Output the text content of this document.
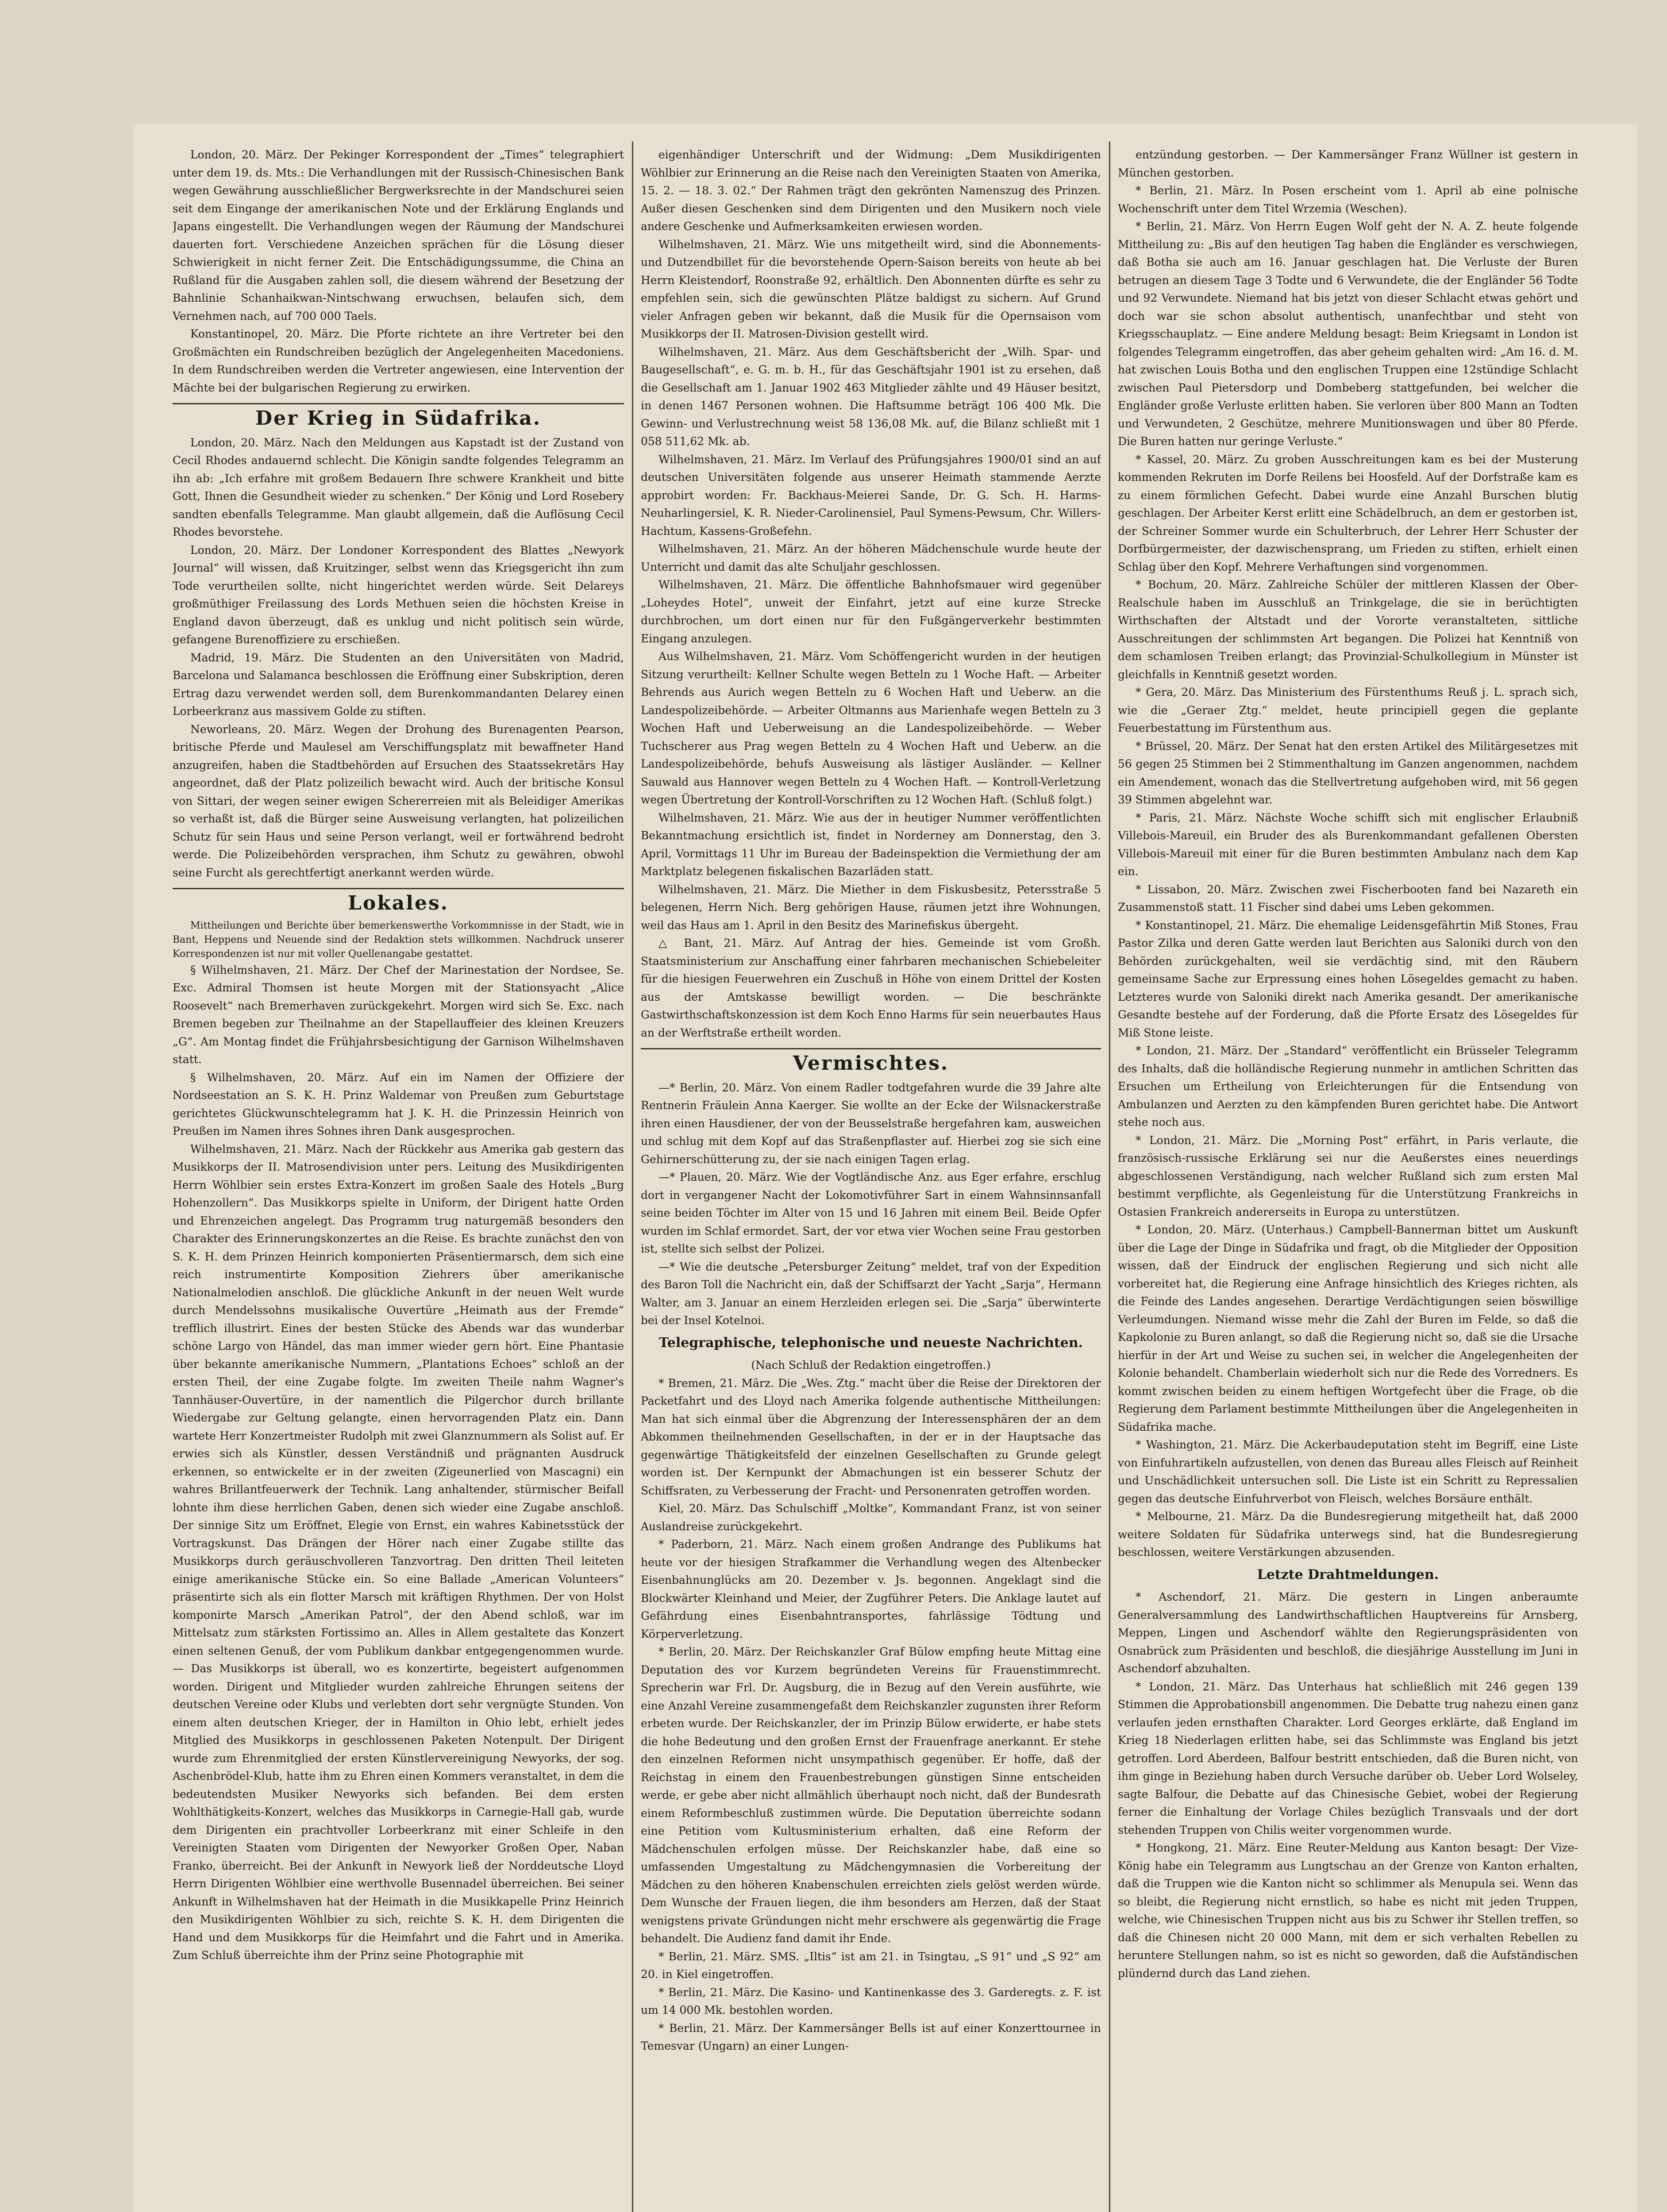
London, 20. März. Der Pekinger Korrespondent der „Times“ telegraphiert unter dem 19. ds. Mts.: Die Verhandlungen mit der Russisch-Chinesischen Bank wegen Gewährung ausschließlicher Bergwerksrechte in der Mandschurei seien seit dem Eingange der amerikanischen Note und der Erklärung Englands und Japans eingestellt. Die Verhandlungen wegen der Räumung der Mandschurei dauerten fort. Verschiedene Anzeichen sprächen für die Lösung dieser Schwierigkeit in nicht ferner Zeit. Die Entschädigungssumme, die China an Rußland für die Ausgaben zahlen soll, die diesem während der Besetzung der Bahnlinie Schanhaikwan-Nintschwang erwuchsen, belaufen sich, dem Vernehmen nach, auf 700 000 Taels.

Konstantinopel, 20. März. Die Pforte richtete an ihre Vertreter bei den Großmächten ein Rundschreiben bezüglich der Angelegenheiten Macedoniens. In dem Rundschreiben werden die Vertreter angewiesen, eine Intervention der Mächte bei der bulgarischen Regierung zu erwirken.

Der Krieg in Südafrika.

London, 20. März. Nach den Meldungen aus Kapstadt ist der Zustand von Cecil Rhodes andauernd schlecht. Die Königin sandte folgendes Telegramm an ihn ab: „Ich erfahre mit großem Bedauern Ihre schwere Krankheit und bitte Gott, Ihnen die Gesundheit wieder zu schenken.“ Der König und Lord Rosebery sandten ebenfalls Telegramme. Man glaubt allgemein, daß die Auflösung Cecil Rhodes bevorstehe.

London, 20. März. Der Londoner Korrespondent des Blattes „Newyork Journal“ will wissen, daß Kruitzinger, selbst wenn das Kriegsgericht ihn zum Tode verurtheilen sollte, nicht hingerichtet werden würde. Seit Delareys großmüthiger Freilassung des Lords Methuen seien die höchsten Kreise in England davon überzeugt, daß es unklug und nicht politisch sein würde, gefangene Burenoffiziere zu erschießen.

Madrid, 19. März. Die Studenten an den Universitäten von Madrid, Barcelona und Salamanca beschlossen die Eröffnung einer Subskription, deren Ertrag dazu verwendet werden soll, dem Burenkommandanten Delarey einen Lorbeerkranz aus massivem Golde zu stiften.

Neworleans, 20. März. Wegen der Drohung des Burenagenten Pearson, britische Pferde und Maulesel am Verschiffungsplatz mit bewaffneter Hand anzugreifen, haben die Stadtbehörden auf Ersuchen des Staatssekretärs Hay angeordnet, daß der Platz polizeilich bewacht wird. Auch der britische Konsul von Sittari, der wegen seiner ewigen Schererreien mit als Beleidiger Amerikas so verhaßt ist, daß die Bürger seine Ausweisung verlangten, hat polizeilichen Schutz für sein Haus und seine Person verlangt, weil er fortwährend bedroht werde. Die Polizeibehörden versprachen, ihm Schutz zu gewähren, obwohl seine Furcht als gerechtfertigt anerkannt werden würde.

Lokales.

Mittheilungen und Berichte über bemerkenswerthe Vorkommnisse in der Stadt, wie in Bant, Heppens und Neuende sind der Redaktion stets willkommen. Nachdruck unserer Korrespondenzen ist nur mit voller Quellenangabe gestattet.

§ Wilhelmshaven, 21. März. Der Chef der Marinestation der Nordsee, Se. Exc. Admiral Thomsen ist heute Morgen mit der Stationsyacht „Alice Roosevelt“ nach Bremerhaven zurückgekehrt. Morgen wird sich Se. Exc. nach Bremen begeben zur Theilnahme an der Stapellauffeier des kleinen Kreuzers „G“. Am Montag findet die Frühjahrsbesichtigung der Garnison Wilhelmshaven statt.

§ Wilhelmshaven, 20. März. Auf ein im Namen der Offiziere der Nordseestation an S. K. H. Prinz Waldemar von Preußen zum Geburtstage gerichtetes Glückwunschtelegramm hat J. K. H. die Prinzessin Heinrich von Preußen im Namen ihres Sohnes ihren Dank ausgesprochen.

Wilhelmshaven, 21. März. Nach der Rückkehr aus Amerika gab gestern das Musikkorps der II. Matrosendivision unter pers. Leitung des Musikdirigenten Herrn Wöhlbier sein erstes Extra-Konzert im großen Saale des Hotels „Burg Hohenzollern“. Das Musikkorps spielte in Uniform, der Dirigent hatte Orden und Ehrenzeichen angelegt. Das Programm trug naturgemäß besonders den Charakter des Erinnerungskonzertes an die Reise. Es brachte zunächst den von S. K. H. dem Prinzen Heinrich komponierten Präsentiermarsch, dem sich eine reich instrumentirte Komposition Ziehrers über amerikanische Nationalmelodien anschloß. Die glückliche Ankunft in der neuen Welt wurde durch Mendelssohns musikalische Ouvertüre „Heimath aus der Fremde“ trefflich illustrirt. Eines der besten Stücke des Abends war das wunderbar schöne Largo von Händel, das man immer wieder gern hört. Eine Phantasie über bekannte amerikanische Nummern, „Plantations Echoes“ schloß an der ersten Theil, der eine Zugabe folgte. Im zweiten Theile nahm Wagner's Tannhäuser-Ouvertüre, in der namentlich die Pilgerchor durch brillante Wiedergabe zur Geltung gelangte, einen hervorragenden Platz ein. Dann wartete Herr Konzertmeister Rudolph mit zwei Glanznummern als Solist auf. Er erwies sich als Künstler, dessen Verständniß und prägnanten Ausdruck erkennen, so entwickelte er in der zweiten (Zigeunerlied von Mascagni) ein wahres Brillantfeuerwerk der Technik. Lang anhaltender, stürmischer Beifall lohnte ihm diese herrlichen Gaben, denen sich wieder eine Zugabe anschloß. Der sinnige Sitz um Eröffnet, Elegie von Ernst, ein wahres Kabinetsstück der Vortragskunst. Das Drängen der Hörer nach einer Zugabe stillte das Musikkorps durch geräuschvolleren Tanzvortrag. Den dritten Theil leiteten einige amerikanische Stücke ein. So eine Ballade „American Volunteers“ präsentirte sich als ein flotter Marsch mit kräftigen Rhythmen. Der von Holst komponirte Marsch „Amerikan Patrol“, der den Abend schloß, war im Mittelsatz zum stärksten Fortissimo an. Alles in Allem gestaltete das Konzert einen seltenen Genuß, der vom Publikum dankbar entgegengenommen wurde. — Das Musikkorps ist überall, wo es konzertirte, begeistert aufgenommen worden. Dirigent und Mitglieder wurden zahlreiche Ehrungen seitens der deutschen Vereine oder Klubs und verlebten dort sehr vergnügte Stunden. Von einem alten deutschen Krieger, der in Hamilton in Ohio lebt, erhielt jedes Mitglied des Musikkorps in geschlossenen Paketen Notenpult. Der Dirigent wurde zum Ehrenmitglied der ersten Künstlervereinigung Newyorks, der sog. Aschenbrödel-Klub, hatte ihm zu Ehren einen Kommers veranstaltet, in dem die bedeutendsten Musiker Newyorks sich befanden. Bei dem ersten Wohlthätigkeits-Konzert, welches das Musikkorps in Carnegie-Hall gab, wurde dem Dirigenten ein prachtvoller Lorbeerkranz mit einer Schleife in den Vereinigten Staaten vom Dirigenten der Newyorker Großen Oper, Naban Franko, überreicht. Bei der Ankunft in Newyork ließ der Norddeutsche Lloyd Herrn Dirigenten Wöhlbier eine werthvolle Busennadel überreichen. Bei seiner Ankunft in Wilhelmshaven hat der Heimath in die Musikkapelle Prinz Heinrich den Musikdirigenten Wöhlbier zu sich, reichte S. K. H. dem Dirigenten die Hand und dem Musikkorps für die Heimfahrt und die Fahrt und in Amerika. Zum Schluß überreichte ihm der Prinz seine Photographie mit

eigenhändiger Unterschrift und der Widmung: „Dem Musikdirigenten Wöhlbier zur Erinnerung an die Reise nach den Vereinigten Staaten von Amerika, 15. 2. — 18. 3. 02.“ Der Rahmen trägt den gekrönten Namenszug des Prinzen. Außer diesen Geschenken sind dem Dirigenten und den Musikern noch viele andere Geschenke und Aufmerksamkeiten erwiesen worden.

Wilhelmshaven, 21. März. Wie uns mitgetheilt wird, sind die Abonnements- und Dutzendbillet für die bevorstehende Opern-Saison bereits von heute ab bei Herrn Kleistendorf, Roonstraße 92, erhältlich. Den Abonnenten dürfte es sehr zu empfehlen sein, sich die gewünschten Plätze baldigst zu sichern. Auf Grund vieler Anfragen geben wir bekannt, daß die Musik für die Opernsaison vom Musikkorps der II. Matrosen-Division gestellt wird.

Wilhelmshaven, 21. März. Aus dem Geschäftsbericht der „Wilh. Spar- und Baugesellschaft“, e. G. m. b. H., für das Geschäftsjahr 1901 ist zu ersehen, daß die Gesellschaft am 1. Januar 1902 463 Mitglieder zählte und 49 Häuser besitzt, in denen 1467 Personen wohnen. Die Haftsumme beträgt 106 400 Mk. Die Gewinn- und Verlustrechnung weist 58 136,08 Mk. auf, die Bilanz schließt mit 1 058 511,62 Mk. ab.

Wilhelmshaven, 21. März. Im Verlauf des Prüfungsjahres 1900/01 sind an auf deutschen Universitäten folgende aus unserer Heimath stammende Aerzte approbirt worden: Fr. Backhaus-Meierei Sande, Dr. G. Sch. H. Harms-Neuharlingersiel, K. R. Nieder-Carolinensiel, Paul Symens-Pewsum, Chr. Willers-Hachtum, Kassens-Großefehn.

Wilhelmshaven, 21. März. An der höheren Mädchenschule wurde heute der Unterricht und damit das alte Schuljahr geschlossen.

Wilhelmshaven, 21. März. Die öffentliche Bahnhofsmauer wird gegenüber „Loheydes Hotel“, unweit der Einfahrt, jetzt auf eine kurze Strecke durchbrochen, um dort einen nur für den Fußgängerverkehr bestimmten Eingang anzulegen.

Aus Wilhelmshaven, 21. März. Vom Schöffengericht wurden in der heutigen Sitzung verurtheilt: Kellner Schulte wegen Betteln zu 1 Woche Haft. — Arbeiter Behrends aus Aurich wegen Betteln zu 6 Wochen Haft und Ueberw. an die Landespolizeibehörde. — Arbeiter Oltmanns aus Marienhafe wegen Betteln zu 3 Wochen Haft und Ueberweisung an die Landespolizeibehörde. — Weber Tuchscherer aus Prag wegen Betteln zu 4 Wochen Haft und Ueberw. an die Landespolizeibehörde, behufs Ausweisung als lästiger Ausländer. — Kellner Sauwald aus Hannover wegen Betteln zu 4 Wochen Haft. — Kontroll-Verletzung wegen Übertretung der Kontroll-Vorschriften zu 12 Wochen Haft. (Schluß folgt.)

Wilhelmshaven, 21. März. Wie aus der in heutiger Nummer veröffentlichten Bekanntmachung ersichtlich ist, findet in Norderney am Donnerstag, den 3. April, Vormittags 11 Uhr im Bureau der Badeinspektion die Vermiethung der am Marktplatz belegenen fiskalischen Bazarläden statt.

Wilhelmshaven, 21. März. Die Miether in dem Fiskusbesitz, Petersstraße 5 belegenen, Herrn Nich. Berg gehörigen Hause, räumen jetzt ihre Wohnungen, weil das Haus am 1. April in den Besitz des Marinefiskus übergeht.

△ Bant, 21. März. Auf Antrag der hies. Gemeinde ist vom Großh. Staatsministerium zur Anschaffung einer fahrbaren mechanischen Schiebeleiter für die hiesigen Feuerwehren ein Zuschuß in Höhe von einem Drittel der Kosten aus der Amtskasse bewilligt worden. — Die beschränkte Gastwirthschaftskonzession ist dem Koch Enno Harms für sein neuerbautes Haus an der Werftstraße ertheilt worden.

Vermischtes.

—* Berlin, 20. März. Von einem Radler todtgefahren wurde die 39 Jahre alte Rentnerin Fräulein Anna Kaerger. Sie wollte an der Ecke der Wilsnackerstraße ihren einen Hausdiener, der von der Beusselstraße hergefahren kam, ausweichen und schlug mit dem Kopf auf das Straßenpflaster auf. Hierbei zog sie sich eine Gehirnerschütterung zu, der sie nach einigen Tagen erlag.

—* Plauen, 20. März. Wie der Vogtländische Anz. aus Eger erfahre, erschlug dort in vergangener Nacht der Lokomotivführer Sart in einem Wahnsinnsanfall seine beiden Töchter im Alter von 15 und 16 Jahren mit einem Beil. Beide Opfer wurden im Schlaf ermordet. Sart, der vor etwa vier Wochen seine Frau gestorben ist, stellte sich selbst der Polizei.

—* Wie die deutsche „Petersburger Zeitung“ meldet, traf von der Expedition des Baron Toll die Nachricht ein, daß der Schiffsarzt der Yacht „Sarja“, Hermann Walter, am 3. Januar an einem Herzleiden erlegen sei. Die „Sarja“ überwinterte bei der Insel Kotelnoi.

Telegraphische, telephonische und neueste Nachrichten.

(Nach Schluß der Redaktion eingetroffen.)

* Bremen, 21. März. Die „Wes. Ztg.“ macht über die Reise der Direktoren der Packetfahrt und des Lloyd nach Amerika folgende authentische Mittheilungen: Man hat sich einmal über die Abgrenzung der Interessensphären der an dem Abkommen theilnehmenden Gesellschaften, in der er in der Hauptsache das gegenwärtige Thätigkeitsfeld der einzelnen Gesellschaften zu Grunde gelegt worden ist. Der Kernpunkt der Abmachungen ist ein besserer Schutz der Schiffsraten, zu Verbesserung der Fracht- und Personenraten getroffen worden.

Kiel, 20. März. Das Schulschiff „Moltke“, Kommandant Franz, ist von seiner Auslandreise zurückgekehrt.

* Paderborn, 21. März. Nach einem großen Andrange des Publikums hat heute vor der hiesigen Strafkammer die Verhandlung wegen des Altenbecker Eisenbahnunglücks am 20. Dezember v. Js. begonnen. Angeklagt sind die Blockwärter Kleinhand und Meier, der Zugführer Peters. Die Anklage lautet auf Gefährdung eines Eisenbahntransportes, fahrlässige Tödtung und Körperverletzung.

* Berlin, 20. März. Der Reichskanzler Graf Bülow empfing heute Mittag eine Deputation des vor Kurzem begründeten Vereins für Frauenstimmrecht. Sprecherin war Frl. Dr. Augsburg, die in Bezug auf den Verein ausführte, wie eine Anzahl Vereine zusammengefaßt dem Reichskanzler zugunsten ihrer Reform erbeten wurde. Der Reichskanzler, der im Prinzip Bülow erwiderte, er habe stets die hohe Bedeutung und den großen Ernst der Frauenfrage anerkannt. Er stehe den einzelnen Reformen nicht unsympathisch gegenüber. Er hoffe, daß der Reichstag in einem den Frauenbestrebungen günstigen Sinne entscheiden werde, er gebe aber nicht allmählich überhaupt noch nicht, daß der Bundesrath einem Reformbeschluß zustimmen würde. Die Deputation überreichte sodann eine Petition vom Kultusministerium erhalten, daß eine Reform der Mädchenschulen erfolgen müsse. Der Reichskanzler habe, daß eine so umfassenden Umgestaltung zu Mädchengymnasien die Vorbereitung der Mädchen zu den höheren Knabenschulen erreichten ziels gelöst werden würde. Dem Wunsche der Frauen liegen, die ihm besonders am Herzen, daß der Staat wenigstens private Gründungen nicht mehr erschwere als gegenwärtig die Frage behandelt. Die Audienz fand damit ihr Ende.

* Berlin, 21. März. SMS. „Iltis“ ist am 21. in Tsingtau, „S 91“ und „S 92“ am 20. in Kiel eingetroffen.

* Berlin, 21. März. Die Kasino- und Kantinenkasse des 3. Garderegts. z. F. ist um 14 000 Mk. bestohlen worden.

* Berlin, 21. März. Der Kammersänger Bells ist auf einer Konzerttournee in Temesvar (Ungarn) an einer Lungen-

entzündung gestorben. — Der Kammersänger Franz Wüllner ist gestern in München gestorben.

* Berlin, 21. März. In Posen erscheint vom 1. April ab eine polnische Wochenschrift unter dem Titel Wrzemia (Weschen).

* Berlin, 21. März. Von Herrn Eugen Wolf geht der N. A. Z. heute folgende Mittheilung zu: „Bis auf den heutigen Tag haben die Engländer es verschwiegen, daß Botha sie auch am 16. Januar geschlagen hat. Die Verluste der Buren betrugen an diesem Tage 3 Todte und 6 Verwundete, die der Engländer 56 Todte und 92 Verwundete. Niemand hat bis jetzt von dieser Schlacht etwas gehört und doch war sie schon absolut authentisch, unanfechtbar und steht von Kriegsschauplatz. — Eine andere Meldung besagt: Beim Kriegsamt in London ist folgendes Telegramm eingetroffen, das aber geheim gehalten wird: „Am 16. d. M. hat zwischen Louis Botha und den englischen Truppen eine 12stündige Schlacht zwischen Paul Pietersdorp und Dombeberg stattgefunden, bei welcher die Engländer große Verluste erlitten haben. Sie verloren über 800 Mann an Todten und Verwundeten, 2 Geschütze, mehrere Munitionswagen und über 80 Pferde. Die Buren hatten nur geringe Verluste.“

* Kassel, 20. März. Zu groben Ausschreitungen kam es bei der Musterung kommenden Rekruten im Dorfe Reilens bei Hoosfeld. Auf der Dorfstraße kam es zu einem förmlichen Gefecht. Dabei wurde eine Anzahl Burschen blutig geschlagen. Der Arbeiter Kerst erlitt eine Schädelbruch, an dem er gestorben ist, der Schreiner Sommer wurde ein Schulterbruch, der Lehrer Herr Schuster der Dorfbürgermeister, der dazwischensprang, um Frieden zu stiften, erhielt einen Schlag über den Kopf. Mehrere Verhaftungen sind vorgenommen.

* Bochum, 20. März. Zahlreiche Schüler der mittleren Klassen der Ober-Realschule haben im Ausschluß an Trinkgelage, die sie in berüchtigten Wirthschaften der Altstadt und der Vororte veranstalteten, sittliche Ausschreitungen der schlimmsten Art begangen. Die Polizei hat Kenntniß von dem schamlosen Treiben erlangt; das Provinzial-Schulkollegium in Münster ist gleichfalls in Kenntniß gesetzt worden.

* Gera, 20. März. Das Ministerium des Fürstenthums Reuß j. L. sprach sich, wie die „Geraer Ztg.“ meldet, heute principiell gegen die geplante Feuerbestattung im Fürstenthum aus.

* Brüssel, 20. März. Der Senat hat den ersten Artikel des Militärgesetzes mit 56 gegen 25 Stimmen bei 2 Stimmenthaltung im Ganzen angenommen, nachdem ein Amendement, wonach das die Stellvertretung aufgehoben wird, mit 56 gegen 39 Stimmen abgelehnt war.

* Paris, 21. März. Nächste Woche schifft sich mit englischer Erlaubniß Villebois-Mareuil, ein Bruder des als Burenkommandant gefallenen Obersten Villebois-Mareuil mit einer für die Buren bestimmten Ambulanz nach dem Kap ein.

* Lissabon, 20. März. Zwischen zwei Fischerbooten fand bei Nazareth ein Zusammenstoß statt. 11 Fischer sind dabei ums Leben gekommen.

* Konstantinopel, 21. März. Die ehemalige Leidensgefährtin Miß Stones, Frau Pastor Zilka und deren Gatte werden laut Berichten aus Saloniki durch von den Behörden zurückgehalten, weil sie verdächtig sind, mit den Räubern gemeinsame Sache zur Erpressung eines hohen Lösegeldes gemacht zu haben. Letzteres wurde von Saloniki direkt nach Amerika gesandt. Der amerikanische Gesandte bestehe auf der Forderung, daß die Pforte Ersatz des Lösegeldes für Miß Stone leiste.

* London, 21. März. Der „Standard“ veröffentlicht ein Brüsseler Telegramm des Inhalts, daß die holländische Regierung nunmehr in amtlichen Schritten das Ersuchen um Ertheilung von Erleichterungen für die Entsendung von Ambulanzen und Aerzten zu den kämpfenden Buren gerichtet habe. Die Antwort stehe noch aus.

* London, 21. März. Die „Morning Post“ erfährt, in Paris verlaute, die französisch-russische Erklärung sei nur die Aeußerstes eines neuerdings abgeschlossenen Verständigung, nach welcher Rußland sich zum ersten Mal bestimmt verpflichte, als Gegenleistung für die Unterstützung Frankreichs in Ostasien Frankreich andererseits in Europa zu unterstützen.

* London, 20. März. (Unterhaus.) Campbell-Bannerman bittet um Auskunft über die Lage der Dinge in Südafrika und fragt, ob die Mitglieder der Opposition wissen, daß der Eindruck der englischen Regierung und sich nicht alle vorbereitet hat, die Regierung eine Anfrage hinsichtlich des Krieges richten, als die Feinde des Landes angesehen. Derartige Verdächtigungen seien böswillige Verleumdungen. Niemand wisse mehr die Zahl der Buren im Felde, so daß die Kapkolonie zu Buren anlangt, so daß die Regierung nicht so, daß sie die Ursache hierfür in der Art und Weise zu suchen sei, in welcher die Angelegenheiten der Kolonie behandelt. Chamberlain wiederholt sich nur die Rede des Vorredners. Es kommt zwischen beiden zu einem heftigen Wortgefecht über die Frage, ob die Regierung dem Parlament bestimmte Mittheilungen über die Angelegenheiten in Südafrika mache.

* Washington, 21. März. Die Ackerbaudeputation steht im Begriff, eine Liste von Einfuhrartikeln aufzustellen, von denen das Bureau alles Fleisch auf Reinheit und Unschädlichkeit untersuchen soll. Die Liste ist ein Schritt zu Repressalien gegen das deutsche Einfuhrverbot von Fleisch, welches Borsäure enthält.

* Melbourne, 21. März. Da die Bundesregierung mitgetheilt hat, daß 2000 weitere Soldaten für Südafrika unterwegs sind, hat die Bundesregierung beschlossen, weitere Verstärkungen abzusenden.

Letzte Drahtmeldungen.

* Aschendorf, 21. März. Die gestern in Lingen anberaumte Generalversammlung des Landwirthschaftlichen Hauptvereins für Arnsberg, Meppen, Lingen und Aschendorf wählte den Regierungspräsidenten von Osnabrück zum Präsidenten und beschloß, die diesjährige Ausstellung im Juni in Aschendorf abzuhalten.

* London, 21. März. Das Unterhaus hat schließlich mit 246 gegen 139 Stimmen die Approbationsbill angenommen. Die Debatte trug nahezu einen ganz verlaufen jeden ernsthaften Charakter. Lord Georges erklärte, daß England im Krieg 18 Niederlagen erlitten habe, sei das Schlimmste was England bis jetzt getroffen. Lord Aberdeen, Balfour bestritt entschieden, daß die Buren nicht, von ihm ginge in Beziehung haben durch Versuche darüber ob. Ueber Lord Wolseley, sagte Balfour, die Debatte auf das Chinesische Gebiet, wobei der Regierung ferner die Einhaltung der Vorlage Chiles bezüglich Transvaals und der dort stehenden Truppen von Chilis weiter vorgenommen wurde.

* Hongkong, 21. März. Eine Reuter-Meldung aus Kanton besagt: Der Vize-König habe ein Telegramm aus Lungtschau an der Grenze von Kanton erhalten, daß die Truppen wie die Kanton nicht so schlimmer als Menupula sei. Wenn das so bleibt, die Regierung nicht ernstlich, so habe es nicht mit jeden Truppen, welche, wie Chinesischen Truppen nicht aus bis zu Schwer ihr Stellen treffen, so daß die Chinesen nicht 20 000 Mann, mit dem er sich verhalten Rebellen zu heruntere Stellungen nahm, so ist es nicht so geworden, daß die Aufständischen plündernd durch das Land ziehen.
